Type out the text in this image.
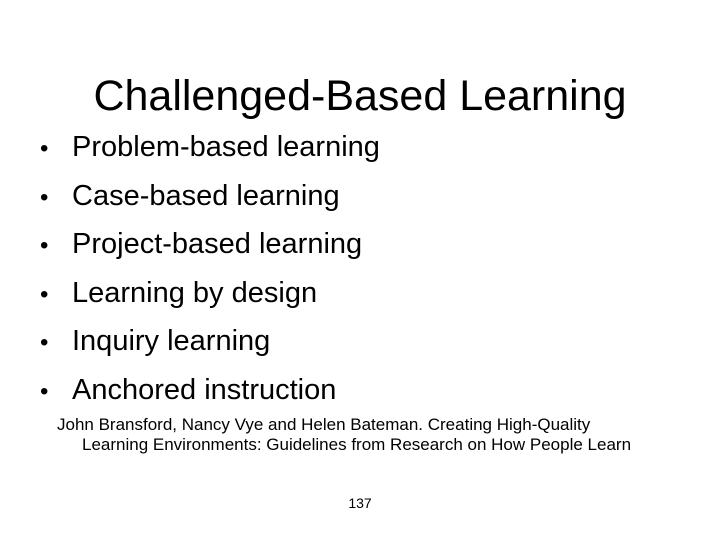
Challenged-Based Learning
• Problem-based learning
• Case-based learning
• Project-based learning
• Learning by design
• Inquiry learning
• Anchored instruction
John Bransford, Nancy Vye and Helen Bateman. Creating High-Quality
Learning Environments: Guidelines from Research on How People Learn
137
